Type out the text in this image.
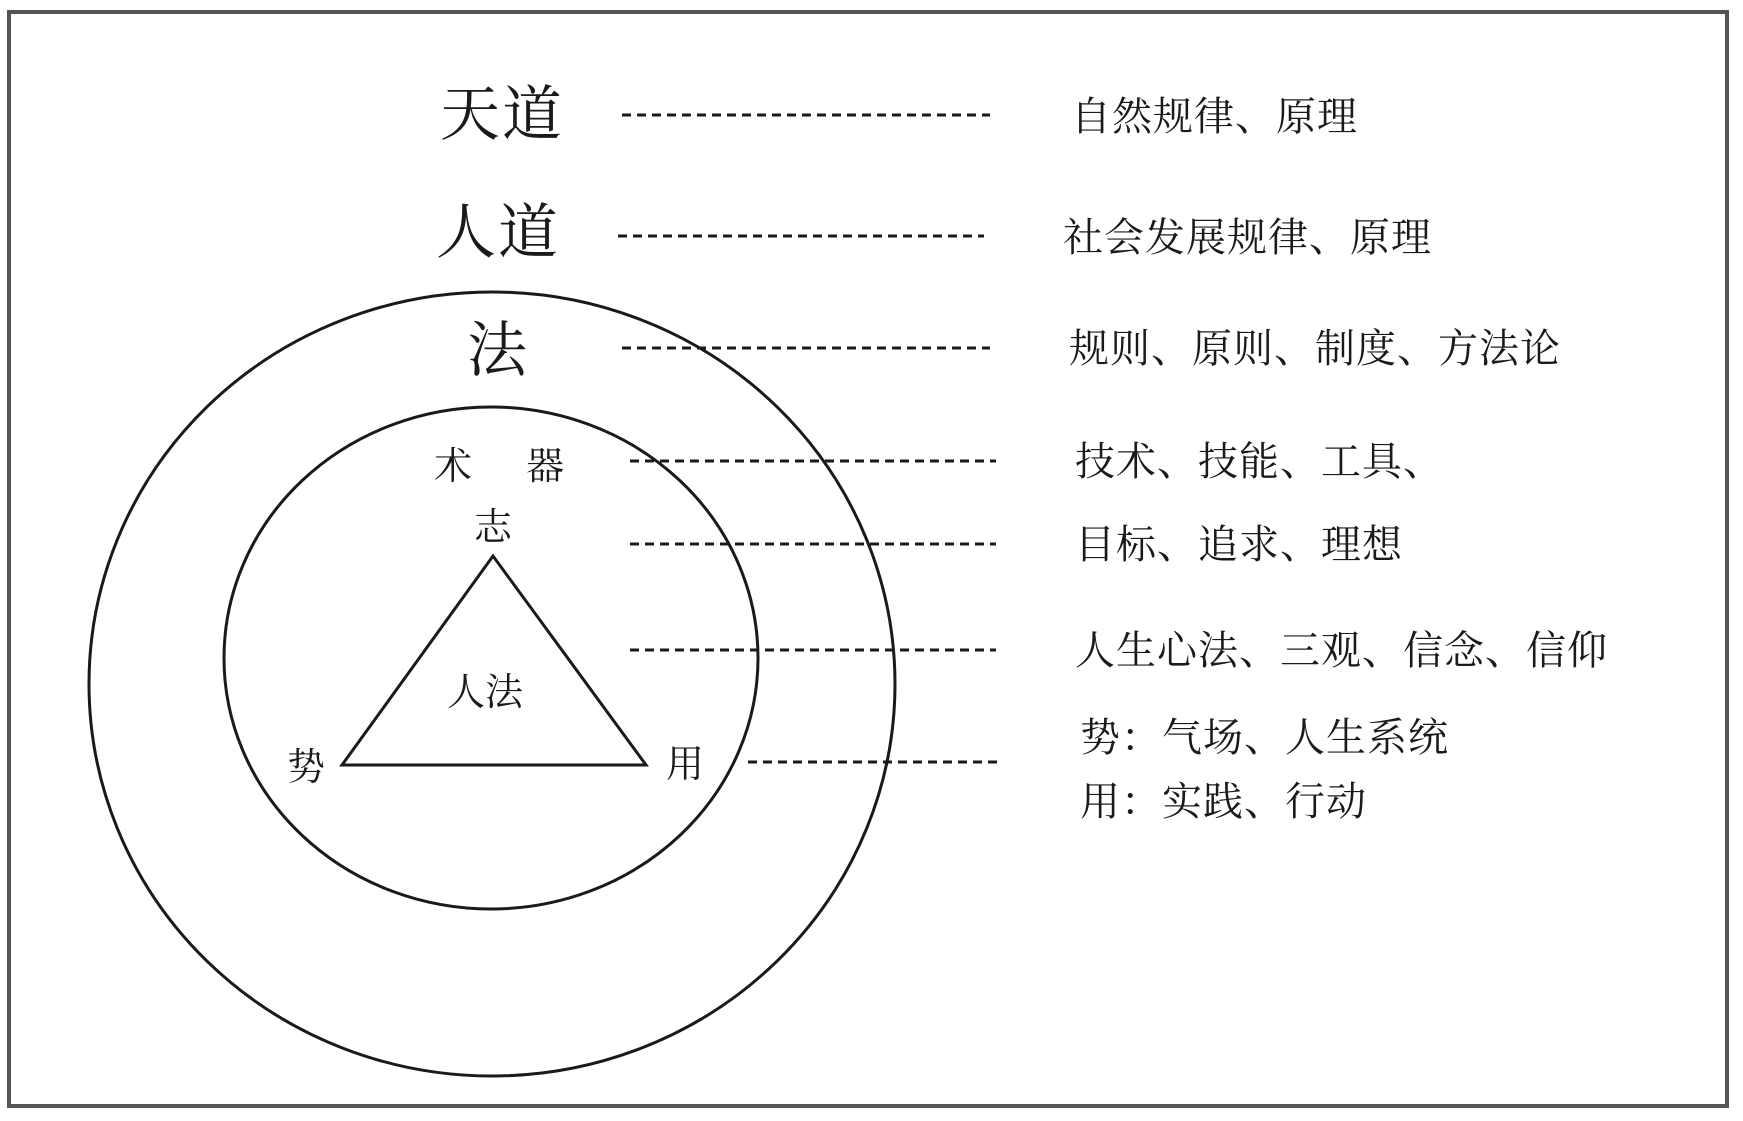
天道
人道
法
术  器
志
人法
势	用
自然规律、原理
社会发展规律、原理
规则、原则、制度、方法论
技术、技能、工具、
目标、追求、理想
人生心法、三观、信念、信仰
势：气场、人生系统
用：实践、行动
